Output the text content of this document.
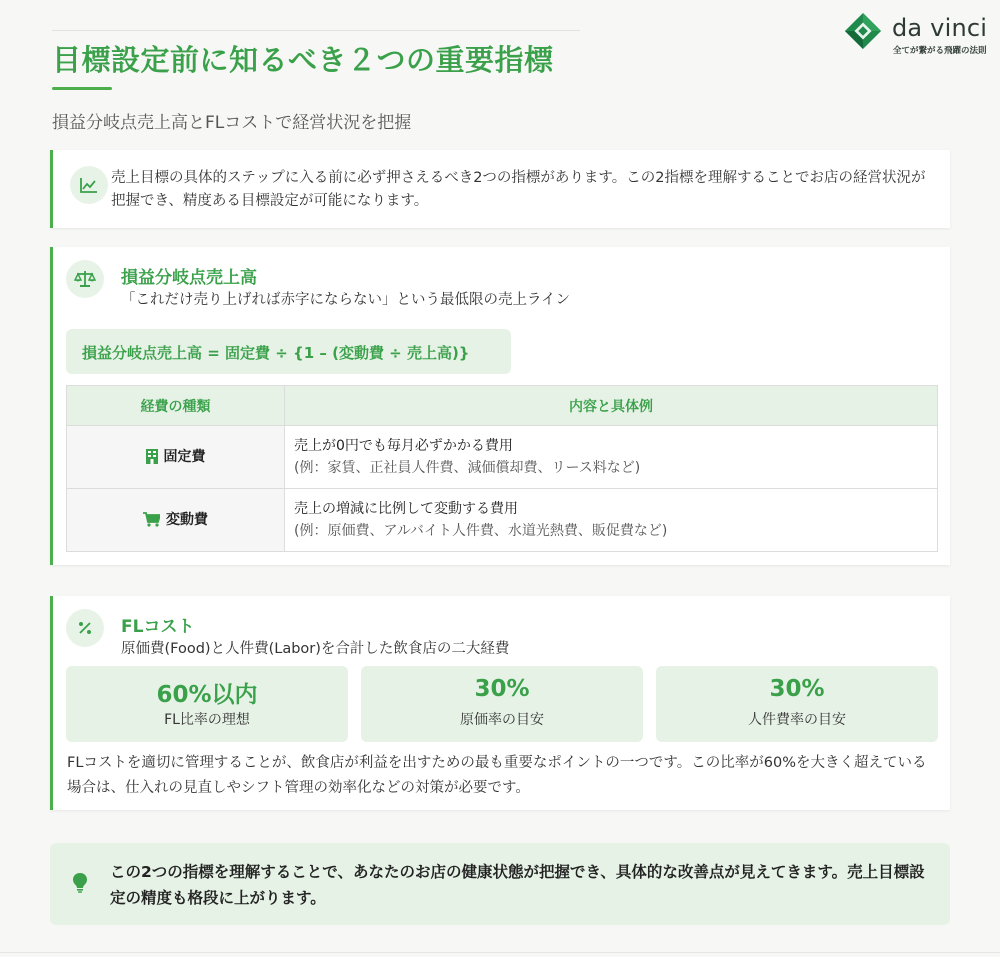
目標設定前に知るべき２つの重要指標

損益分岐点売上高とFLコストで経営状況を把握

da vinci
全てが繋がる飛躍の法則

売上目標の具体的ステップに入る前に必ず押さえるべき2つの指標があります。この2指標を理解することでお店の経営状況が把握でき、精度ある目標設定が可能になります。

損益分岐点売上高

「これだけ売り上げれば赤字にならない」という最低限の売上ライン

損益分岐点売上高 = 固定費 ÷ {1 – (変動費 ÷ 売上高)}
経費の種類	内容と具体例

固定費	売上が0円でも毎月必ずかかる費用
(例：家賃、正社員人件費、減価償却費、リース料など)

変動費	売上の増減に比例して変動する費用
(例：原価費、アルバイト人件費、水道光熱費、販促費など)
FLコスト

原価費(Food)と人件費(Labor)を合計した飲食店の二大経費

60%以内
FL比率の理想
30%
原価率の目安
30%
人件費率の目安

FLコストを適切に管理することが、飲食店が利益を出すための最も重要なポイントの一つです。この比率が60%を大きく超えている場合は、仕入れの見直しやシフト管理の効率化などの対策が必要です。

この2つの指標を理解することで、あなたのお店の健康状態が把握でき、具体的な改善点が見えてきます。売上目標設定の精度も格段に上がります。
